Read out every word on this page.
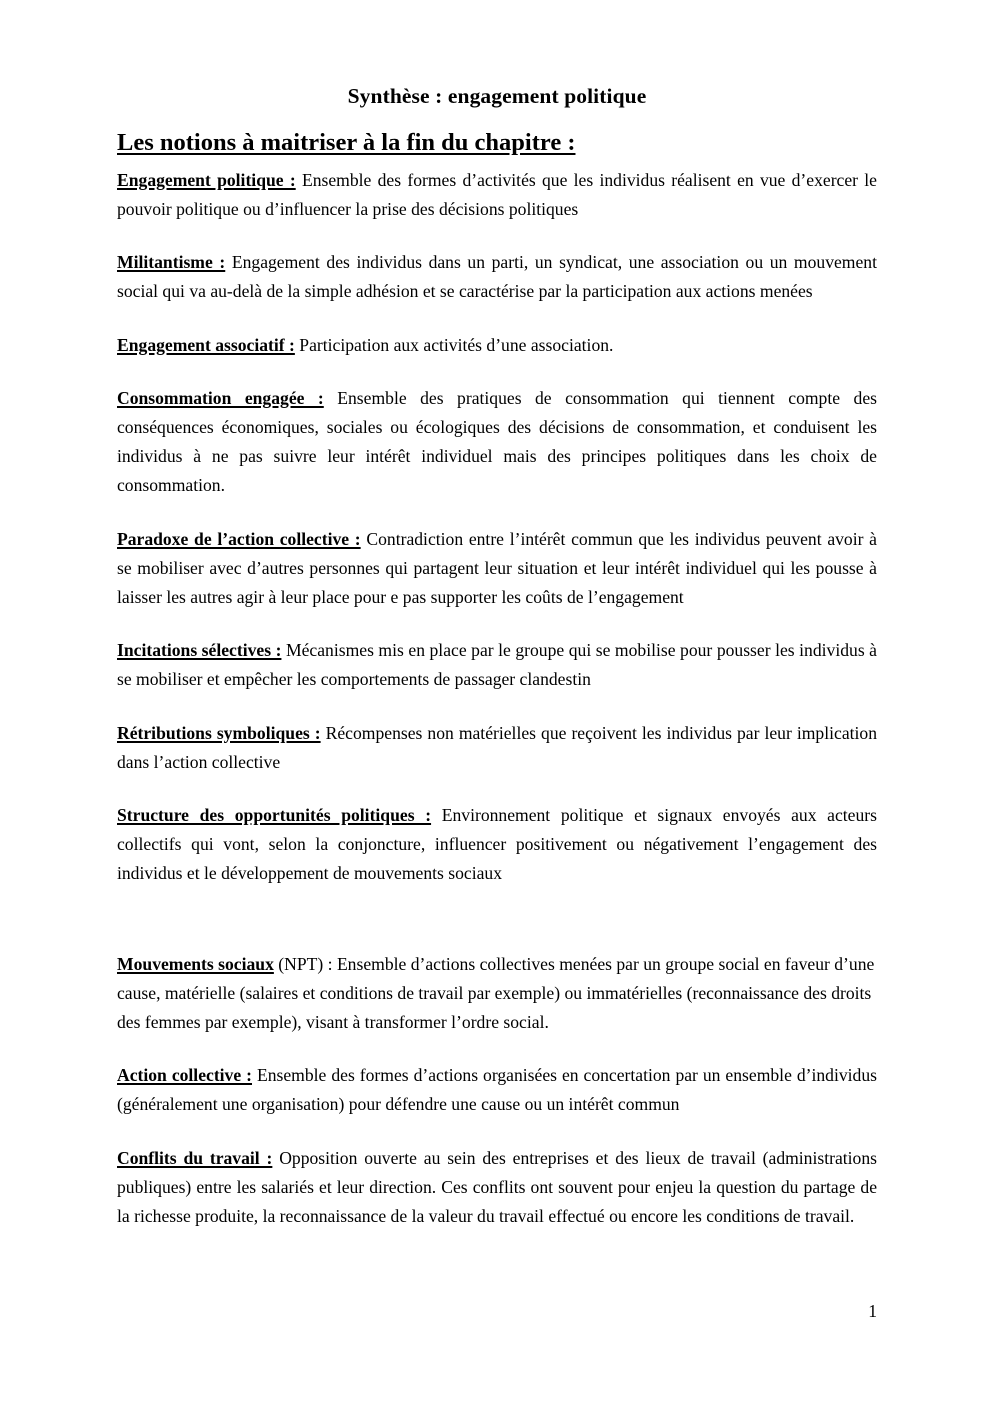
Synthèse : engagement politique
Les notions à maitriser à la fin du chapitre :

Engagement politique : Ensemble des formes d’activités que les individus réalisent en vue d’exercer le pouvoir politique ou d’influencer la prise des décisions politiques

Militantisme : Engagement des individus dans un parti, un syndicat, une association ou un mouvement social qui va au-delà de la simple adhésion et se caractérise par la participation aux actions menées

Engagement associatif : Participation aux activités d’une association.

Consommation engagée : Ensemble des pratiques de consommation qui tiennent compte des conséquences économiques, sociales ou écologiques des décisions de consommation, et conduisent les individus à ne pas suivre leur intérêt individuel mais des principes politiques dans les choix de consommation.

Paradoxe de l’action collective : Contradiction entre l’intérêt commun que les individus peuvent avoir à se mobiliser avec d’autres personnes qui partagent leur situation et leur intérêt individuel qui les pousse à laisser les autres agir à leur place pour e pas supporter les coûts de l’engagement

Incitations sélectives : Mécanismes mis en place par le groupe qui se mobilise pour pousser les individus à se mobiliser et empêcher les comportements de passager clandestin

Rétributions symboliques : Récompenses non matérielles que reçoivent les individus par leur implication dans l’action collective

Structure des opportunités politiques : Environnement politique et signaux envoyés aux acteurs collectifs qui vont, selon la conjoncture, influencer positivement ou négativement l’engagement des individus et le développement de mouvements sociaux

Mouvements sociaux (NPT) : Ensemble d’actions collectives menées par un groupe social en faveur d’une cause, matérielle (salaires et conditions de travail par exemple) ou immatérielles (reconnaissance des droits des femmes par exemple), visant à transformer l’ordre social.

Action collective : Ensemble des formes d’actions organisées en concertation par un ensemble d’individus (généralement une organisation) pour défendre une cause ou un intérêt commun

Conflits du travail : Opposition ouverte au sein des entreprises et des lieux de travail (administrations publiques) entre les salariés et leur direction. Ces conflits ont souvent pour enjeu la question du partage de la richesse produite, la reconnaissance de la valeur du travail effectué ou encore les conditions de travail.

1
